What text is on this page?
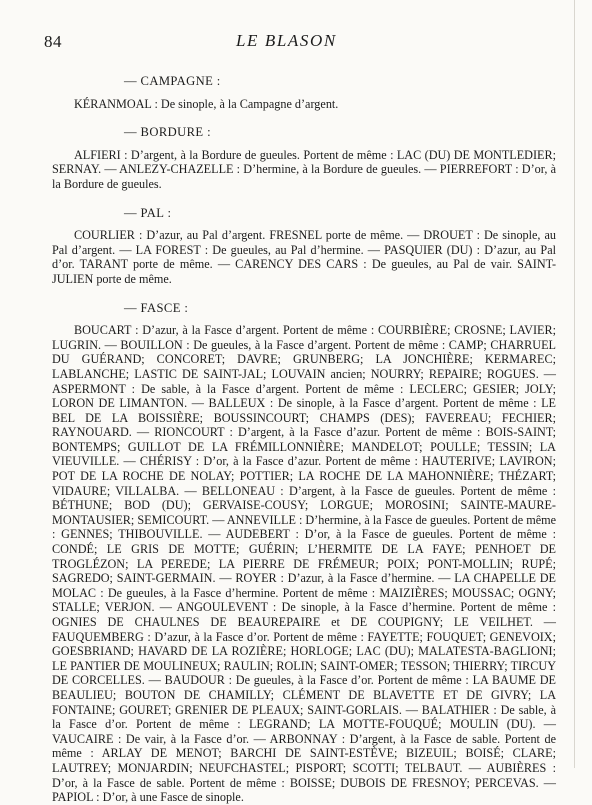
84	LE BLASON
— CAMPAGNE :

KÉRANMOAL : De sinople, à la Campagne d’argent.

— BORDURE :

ALFIERI : D’argent, à la Bordure de gueules. Portent de même : LAC (DU) DE MONTLEDIER; SERNAY. — ANLEZY-CHAZELLE : D’hermine, à la Bordure de gueules. — PIERREFORT : D’or, à la Bordure de gueules.

— PAL :

COURLIER : D’azur, au Pal d’argent. FRESNEL porte de même. — DROUET : De sinople, au Pal d’argent. — LA FOREST : De gueules, au Pal d’hermine. — PASQUIER (DU) : D’azur, au Pal d’or. TARANT porte de même. — CARENCY DES CARS : De gueules, au Pal de vair. SAINT-JULIEN porte de même.

— FASCE :

BOUCART : D’azur, à la Fasce d’argent. Portent de même : COURBIÈRE; CROSNE; LAVIER; LUGRIN. — BOUILLON : De gueules, à la Fasce d’argent. Portent de même : CAMP; CHARRUEL DU GUÉRAND; CONCORET; DAVRE; GRUNBERG; LA JONCHIÈRE; KERMAREC; LABLANCHE; LASTIC DE SAINT-JAL; LOUVAIN ancien; NOURRY; REPAIRE; ROGUES. — ASPERMONT : De sable, à la Fasce d’argent. Portent de même : LECLERC; GESIER; JOLY; LORON DE LIMANTON. — BALLEUX : De sinople, à la Fasce d’argent. Portent de même : LE BEL DE LA BOISSIÈRE; BOUSSINCOURT; CHAMPS (DES); FAVEREAU; FECHIER; RAYNOUARD. — RIONCOURT : D’argent, à la Fasce d’azur. Portent de même : BOIS-SAINT; BONTEMPS; GUILLOT DE LA FRÉMILLONNIÈRE; MANDELOT; POULLE; TESSIN; LA VIEUVILLE. — CHÉRISY : D’or, à la Fasce d’azur. Portent de même : HAUTERIVE; LAVIRON; POT DE LA ROCHE DE NOLAY; POTTIER; LA ROCHE DE LA MAHONNIÈRE; THÉZART; VIDAURE; VILLALBA. — BELLONEAU : D’argent, à la Fasce de gueules. Portent de même : BÉTHUNE; BOD (DU); GERVAISE-COUSY; LORGUE; MOROSINI; SAINTE-MAURE-MONTAUSIER; SEMICOURT. — ANNEVILLE : D’hermine, à la Fasce de gueules. Portent de même : GENNES; THIBOUVILLE. — AUDEBERT : D’or, à la Fasce de gueules. Portent de même : CONDÉ; LE GRIS DE MOTTE; GUÉRIN; L’HERMITE DE LA FAYE; PENHOET DE TROGLÉZON; LA PEREDE; LA PIERRE DE FRÉMEUR; POIX; PONT-MOLLIN; RUPÉ; SAGREDO; SAINT-GERMAIN. — ROYER : D’azur, à la Fasce d’hermine. — LA CHAPELLE DE MOLAC : De gueules, à la Fasce d’hermine. Portent de même : MAIZIÈRES; MOUSSAC; OGNY; STALLE; VERJON. — ANGOULEVENT : De sinople, à la Fasce d’hermine. Portent de même : OGNIES DE CHAULNES DE BEAUREPAIRE et DE COUPIGNY; LE VEILHET. — FAUQUEMBERG : D’azur, à la Fasce d’or. Portent de même : FAYETTE; FOUQUET; GENEVOIX; GOESBRIAND; HAVARD DE LA ROZIÈRE; HORLOGE; LAC (DU); MALATESTA-BAGLIONI; LE PANTIER DE MOULINEUX; RAULIN; ROLIN; SAINT-OMER; TESSON; THIERRY; TIRCUY DE CORCELLES. — BAUDOUR : De gueules, à la Fasce d’or. Portent de même : LA BAUME DE BEAULIEU; BOUTON DE CHAMILLY; CLÉMENT DE BLAVETTE ET DE GIVRY; LA FONTAINE; GOURET; GRENIER DE PLEAUX; SAINT-GORLAIS. — BALATHIER : De sable, à la Fasce d’or. Portent de même : LEGRAND; LA MOTTE-FOUQUÉ; MOULIN (DU). — VAUCAIRE : De vair, à la Fasce d’or. — ARBONNAY : D’argent, à la Fasce de sable. Portent de même : ARLAY DE MENOT; BARCHI DE SAINT-ESTÈVE; BIZEUIL; BOISÉ; CLARE; LAUTREY; MONJARDIN; NEUFCHASTEL; PISPORT; SCOTTI; TELBAUT. — AUBIÈRES : D’or, à la Fasce de sable. Portent de même : BOISSE; DUBOIS DE FRESNOY; PERCEVAS. — PAPIOL : D’or, à une Fasce de sinople.
